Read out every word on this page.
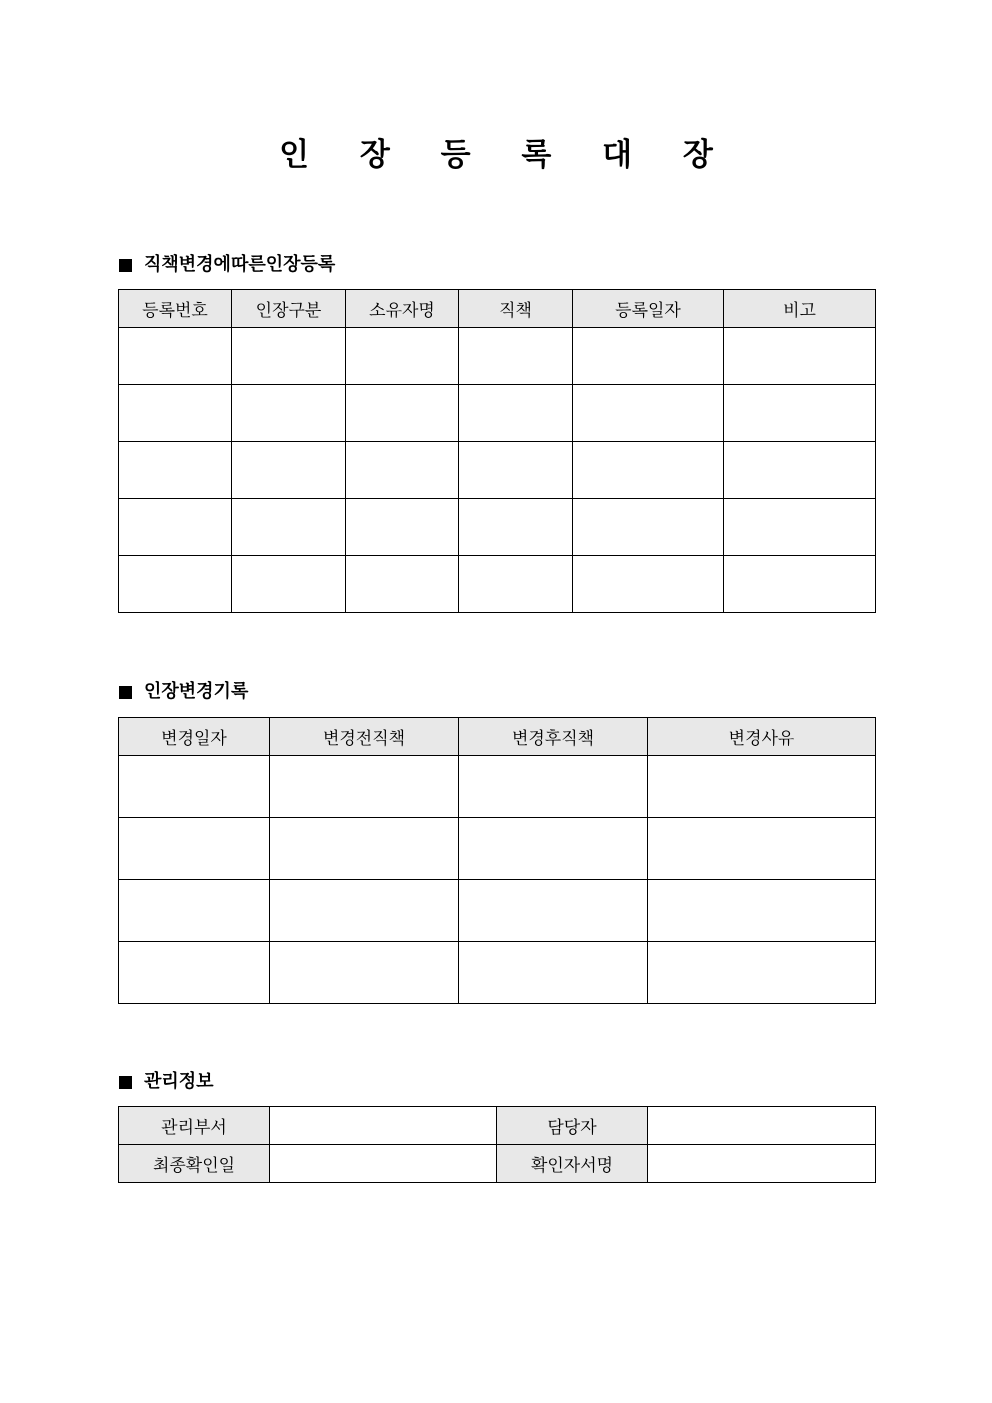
인 장 등 록 대 장
직책변경에따른인장등록
등록번호	인장구분	소유자명	직책	등록일자	비고

인장변경기록
변경일자	변경전직책	변경후직책	변경사유

관리정보
관리부서		담당자	
최종확인일		확인자서명	
